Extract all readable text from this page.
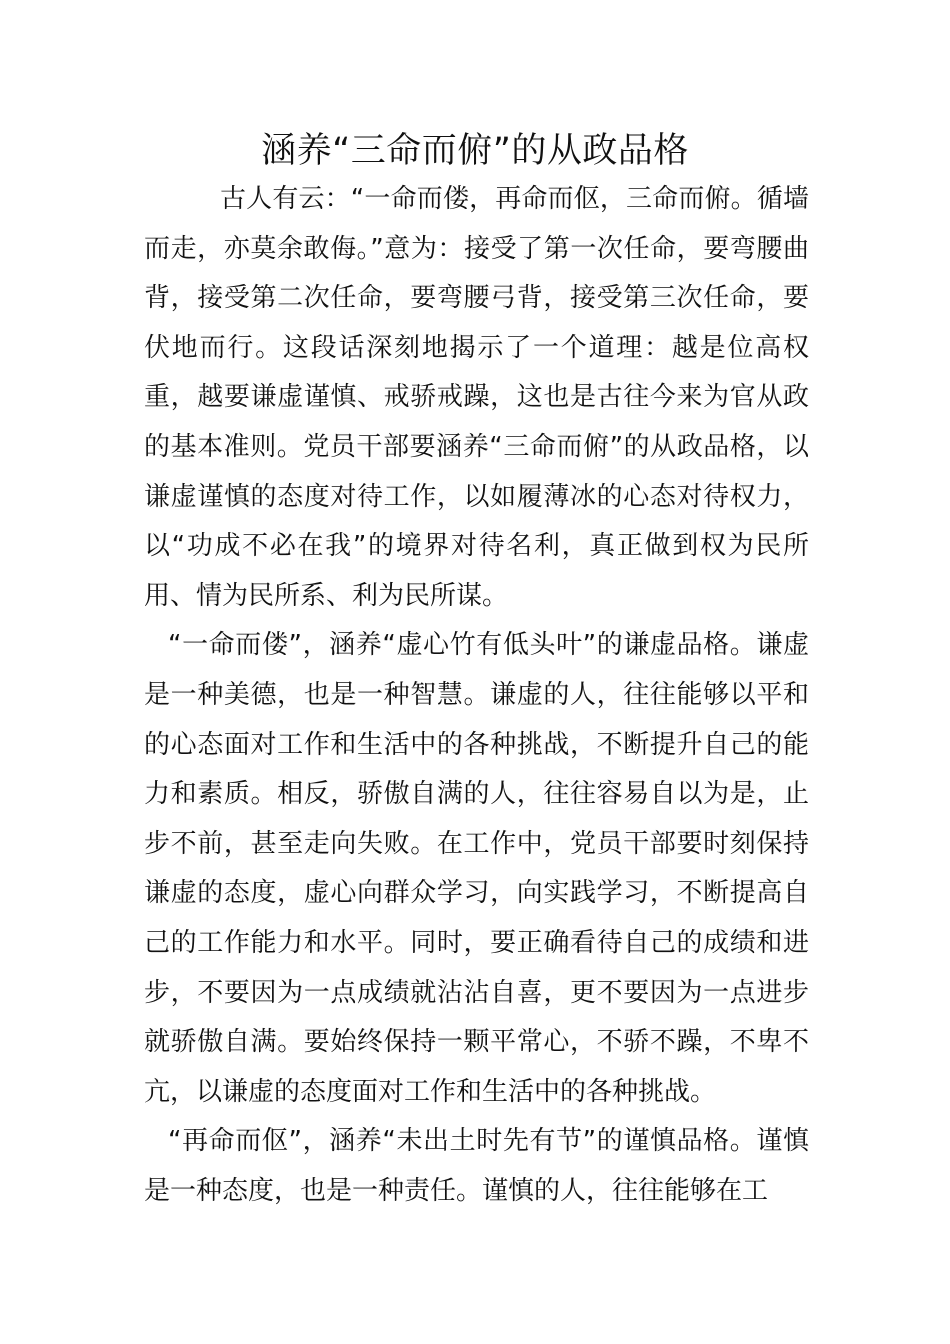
涵养“三命而俯”的从政品格

古人有云：“一命而偻，再命而伛，三命而俯。循墙而走，亦莫余敢侮。”意为：接受了第一次任命，要弯腰曲背，接受第二次任命，要弯腰弓背，接受第三次任命，要伏地而行。这段话深刻地揭示了一个道理：越是位高权重，越要谦虚谨慎、戒骄戒躁，这也是古往今来为官从政的基本准则。党员干部要涵养“三命而俯”的从政品格，以谦虚谨慎的态度对待工作，以如履薄冰的心态对待权力，以“功成不必在我”的境界对待名利，真正做到权为民所用、情为民所系、利为民所谋。

“一命而偻”，涵养“虚心竹有低头叶”的谦虚品格。谦虚是一种美德，也是一种智慧。谦虚的人，往往能够以平和的心态面对工作和生活中的各种挑战，不断提升自己的能力和素质。相反，骄傲自满的人，往往容易自以为是，止步不前，甚至走向失败。在工作中，党员干部要时刻保持谦虚的态度，虚心向群众学习，向实践学习，不断提高自己的工作能力和水平。同时，要正确看待自己的成绩和进步，不要因为一点成绩就沾沾自喜，更不要因为一点进步就骄傲自满。要始终保持一颗平常心，不骄不躁，不卑不亢，以谦虚的态度面对工作和生活中的各种挑战。

“再命而伛”，涵养“未出土时先有节”的谨慎品格。谨慎是一种态度，也是一种责任。谨慎的人，往往能够在工
